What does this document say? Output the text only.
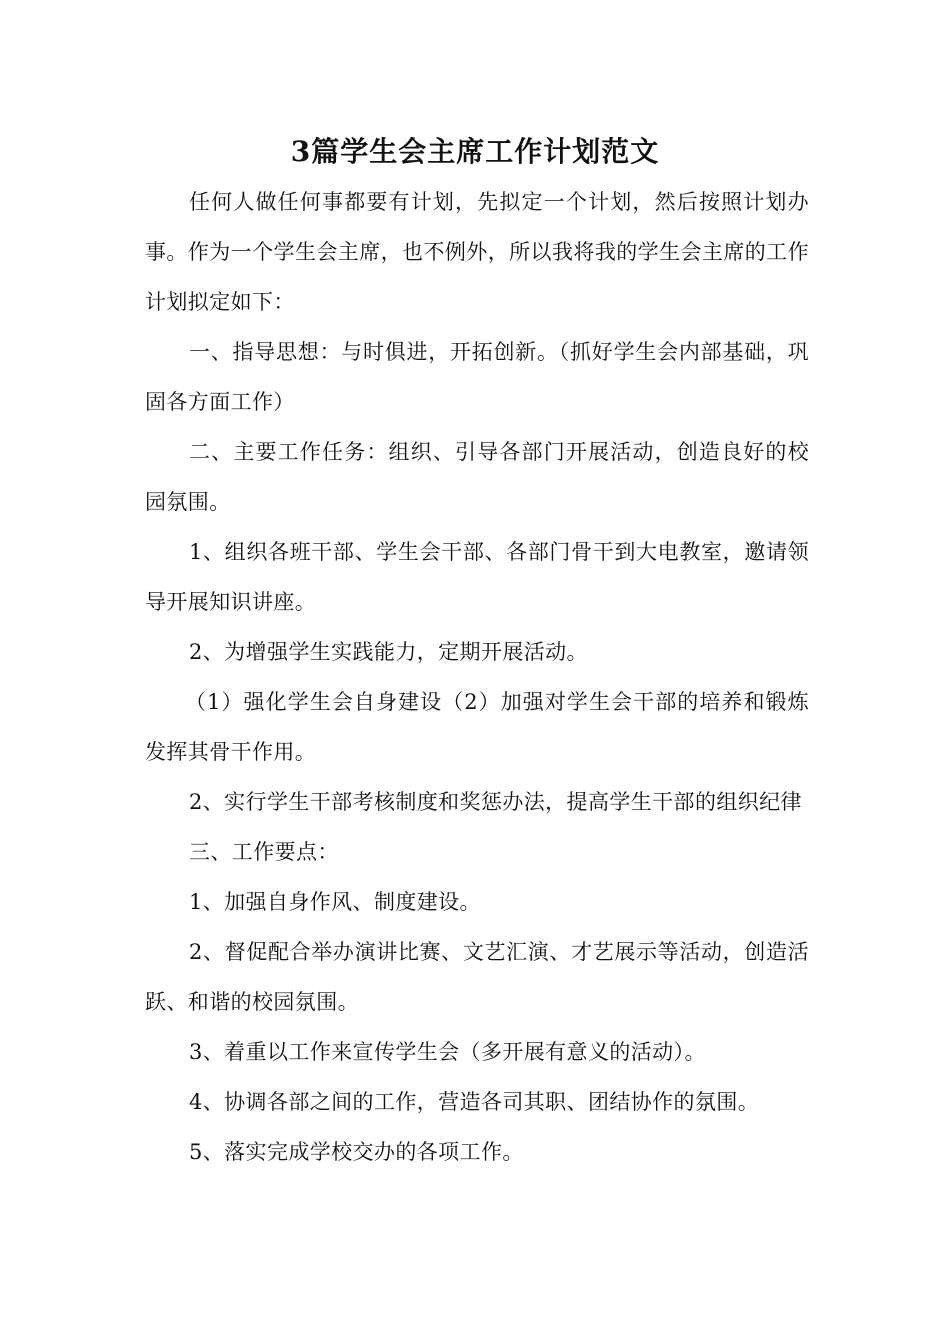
3篇学生会主席工作计划范文

任何人做任何事都要有计划，先拟定一个计划，然后按照计划办事。作为一个学生会主席，也不例外，所以我将我的学生会主席的工作计划拟定如下：

一、指导思想：与时俱进，开拓创新。（抓好学生会内部基础，巩固各方面工作）

二、主要工作任务：组织、引导各部门开展活动，创造良好的校园氛围。

1、组织各班干部、学生会干部、各部门骨干到大电教室，邀请领导开展知识讲座。

2、为增强学生实践能力，定期开展活动。

（1）强化学生会自身建设（2）加强对学生会干部的培养和锻炼发挥其骨干作用。

2、实行学生干部考核制度和奖惩办法，提高学生干部的组织纪律

三、工作要点：

1、加强自身作风、制度建设。

2、督促配合举办演讲比赛、文艺汇演、才艺展示等活动，创造活跃、和谐的校园氛围。

3、着重以工作来宣传学生会（多开展有意义的活动）。

4、协调各部之间的工作，营造各司其职、团结协作的氛围。

5、落实完成学校交办的各项工作。
